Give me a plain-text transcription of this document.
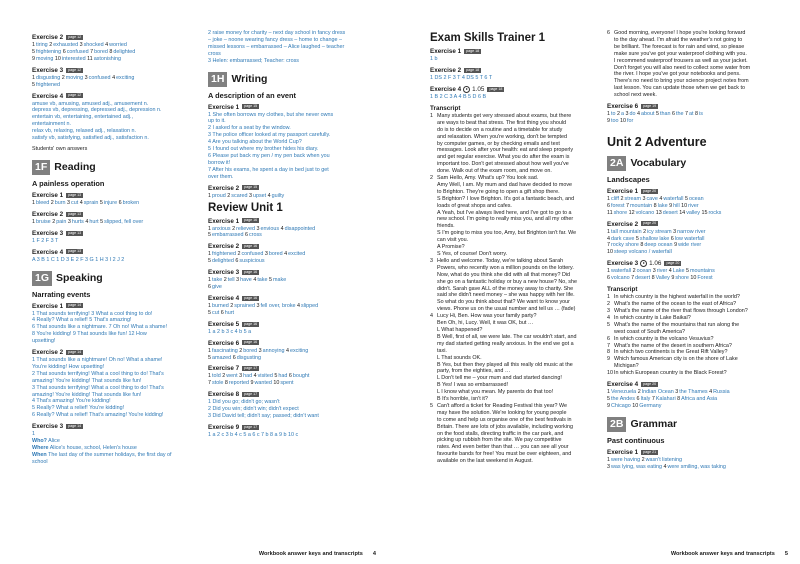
Exercise 2 page 12
1tiring 2exhausted 3shocked 4worried
5frightening 6confused 7bored 8delighted
9moving 10interested 11astonishing
Exercise 3 page 12
1disgusting 2moving 3confused 4exciting
5frightened
Exercise 4 page 12
amuse vb, amusing, amused adj., amusement n.
depress vb, depressing, depressed adj., depression n.
entertain vb, entertaining, entertained adj.,
entertainment n.
relax vb, relaxing, relaxed adj., relaxation n.
satisfy vb, satisfying, satisfied adj., satisfaction n.
Students' own answers
1F Reading
A painless operation
Exercise 1 page 13
1bleed 2burn 3cut 4sprain 5injure 6broken
Exercise 2 page 13
1bruise 2pain 3hurts 4hurt 5slipped, fell over
Exercise 3 page 13
1 F 2 F 3 T
Exercise 4 page 13
A 3 B 1 C 1 D 3 E 2 F 3 G 1 H 3 I 2 J 2
1G Speaking
Narrating events
Exercise 1 page 14
1 That sounds terrifying! 3 What a cool thing to do!
4 Really? What a relief! 5 That's amazing!
6 That sounds like a nightmare. 7 Oh no! What a shame!
8 You're kidding! 9 That sounds like fun! 12 How
upsetting!
Exercise 2 page 14
1 That sounds like a nightmare! Oh no! What a shame!
You're kidding! How upsetting!
2 That sounds terrifying! What a cool thing to do! That's
amazing! You're kidding! That sounds like fun!
3 That sounds terrifying! What a cool thing to do! That's
amazing! You're kidding! That sounds like fun!
4 That's amazing! You're kidding!
5 Really? What a relief! You're kidding!
6 Really? What a relief! That's amazing! You're kidding!
Exercise 3 page 14
1
Who? Alice
Where Alice's house, school, Helen's house
When The last day of the summer holidays, the first day of
school
2 raise money for charity – next day school in fancy dress
– joke – noone wearing fancy dress – home to change –
missed lessons – embarrassed – Alice laughed – teacher
cross
3 Helen: embarrassed; Teacher: cross
1H Writing
A description of an event
Exercise 1 page 15
1 She often borrows my clothes, but she never owns
up to it.
2 I asked for a seat by the window.
3 The police officer looked at my passport carefully.
4 Are you talking about the World Cup?
5 I found out where my brother hides his diary.
6 Please put back my pen / my pen back when you
borrow it!
7 After his exams, he spent a day in bed just to get
over them.
Exercise 2 page 15
1proud 2scared 3upset 4guilty
Review Unit 1
Exercise 1 page 16
1anxious 2relieved 3envious 4disappointed
5embarrassed 6cross
Exercise 2 page 16
1frightened 2confused 3bored 4excited
5delighted 6suspicious
Exercise 3 page 16
1take 2tell 3have 4take 5make
6give
Exercise 4 page 16
1burned 2sprained 3fell over, broke 4slipped
5cut 6hurt
Exercise 5 page 16
1 a 2 b 3 c 4 b 5 a
Exercise 6 page 16
1fascinating 2bored 3annoying 4exciting
5amazed 6disgusting
Exercise 7 page 17
1told 2went 3had 4visited 5had 6bought
7stole 8reported 9wanted 10spent
Exercise 8 page 17
1 Did you go; didn't go; wasn't
2 Did you win; didn't win; didn't expect
3 Did David tell; didn't say; passed; didn't want
Exercise 9 page 17
1 a 2 c 3 b 4 c 5 a 6 c 7 b 8 a 9 b 10 c
Workbook answer keys and transcripts 4
Exam Skills Trainer 1
Exercise 1 page 18
1 b
Exercise 2 page 18
1 DS 2 F 3 T 4 DS 5 T 6 T
Exercise 4 1.05 page 18
1 B 2 C 3 A 4 B 5 D 6 B
Transcript
1 Many students get very stressed about exams, but there
are ways to beat that stress. The first thing you should
do is to decide on a routine and a timetable for study
and relaxation. When you're working, don't be tempted
by computer games, or by checking emails and text
messages. Look after your health: eat and sleep properly
and get regular exercise. What you do after the exam is
important too. Don't get stressed about how well you've
done. Walk out of the exam room, and move on.
2 Sam Hello, Amy. What's up? You look sad.
Amy Well, I am. My mum and dad have decided to move
to Brighton. They're going to open a gift shop there.
S Brighton? I love Brighton. It's got a fantastic beach, and
loads of great shops and cafes.
A Yeah, but I've always lived here, and I've got to go to a
new school. I'm going to really miss you, and all my other
friends.
S I'm going to miss you too, Amy, but Brighton isn't far. We
can visit you.
A Promise?
S Yes, of course! Don't worry.
3 Hello and welcome. Today, we're talking about Sarah
Powers, who recently won a million pounds on the lottery.
Now, what do you think she did with all that money? Did
she go on a fantastic holiday or buy a new house? No, she
didn't. Sarah gave ALL of the money away to charity. She
said she didn't need money – she was happy with her life.
So what do you think about that? We want to know your
views. Phone us on the usual number and tell us … (fade)
4 Lucy Hi, Ben. How was your family party?
Ben Oh, hi, Lucy. Well, it was OK, but …
L What happened?
B Well, first of all, we were late. The car wouldn't start, and
my dad started getting really anxious. In the end we got a
taxi.
L That sounds OK.
B Yes, but then they played all this really old music at the
party, from the eighties, and …
L Don't tell me – your mum and dad started dancing!
B Yes! I was so embarrassed!
L I know what you mean. My parents do that too!
B It's horrible, isn't it?
5 Can't afford a ticket for Reading Festival this year? We
may have the solution. We're looking for young people
to come and help us organise one of the best festivals in
Britain. There are lots of jobs available, including working
on the food stalls, directing traffic in the car park, and
picking up rubbish from the site. We pay competitive
rates. And even better than that … you can see all your
favourite bands for free! You must be over eighteen, and
available on the last weekend in August.
6 Good morning, everyone! I hope you're looking forward
to the day ahead. I'm afraid the weather's not going to
be brilliant. The forecast is for rain and wind, so please
make sure you've got your waterproof clothing with you.
I recommend waterproof trousers as well as your jacket.
Don't forget you will also need to collect some water from
the river. I hope you've got your notebooks and pens.
There's no need to bring your science project notes from
last lesson. You can update those when we get back to
school next week.
Exercise 6 page 19
1to 2a 3do 4about 5than 6the 7at 8is
9too 10for
Unit 2 Adventure
2A Vocabulary
Landscapes
Exercise 1 page 20
1cliff 2stream 3cave 4waterfall 5ocean
6forest 7mountain 8lake 9hill 10river
11shore 12volcano 13desert 14valley 15rocks
Exercise 2 page 20
1tall mountain 2icy stream 3narrow river
4dark cave 5shallow lake 6low waterfall
7rocky shore 8deep ocean 9wide river
10steep volcano / waterfall
Exercise 3 1.06 page 20
1waterfall 2ocean 3river 4Lake 5mountains
6volcano 7desert 8Valley 9shore 10Forest
Transcript
1 In which country is the highest waterfall in the world?
2 What's the name of the ocean to the east of Africa?
3 What's the name of the river that flows through London?
4 In which country is Lake Baikal?
5 What's the name of the mountains that run along the
west coast of South America?
6 In which country is the volcano Vesuvius?
7 What's the name of the desert in southern Africa?
8 In which two continents is the Great Rift Valley?
9 Which famous American city is on the shore of Lake
Michigan?
10 In which European country is the Black Forest?
Exercise 4 page 20
1Venezuela 2Indian Ocean 3the Thames 4Russia
5the Andes 6Italy 7Kalahari 8Africa and Asia
9Chicago 10Germany
2B Grammar
Past continuous
Exercise 1 page 21
1were having 2wasn't listening
3was lying, was eating 4were smiling, was taking
Workbook answer keys and transcripts 5
